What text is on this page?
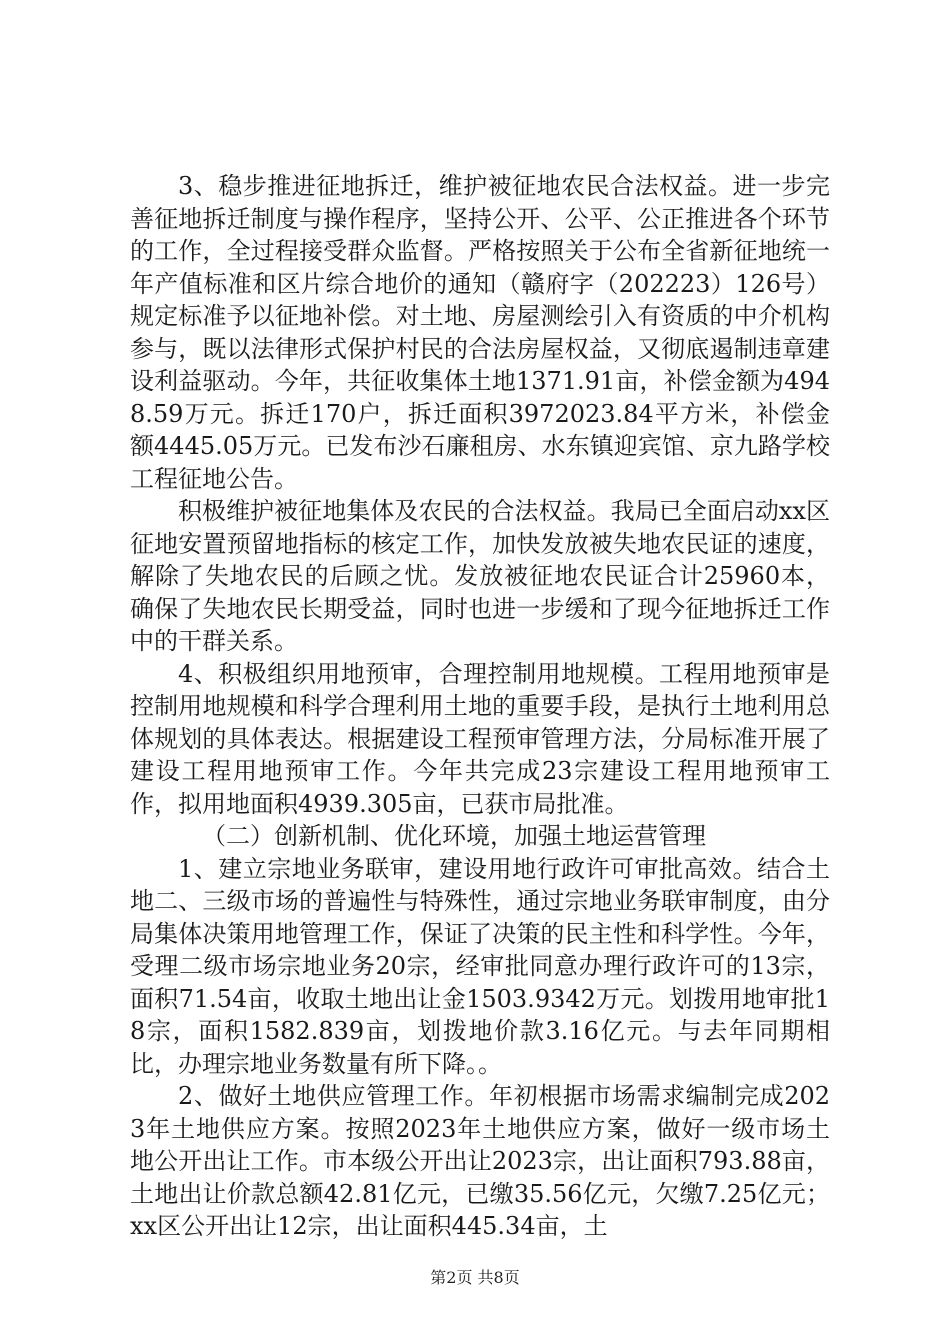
3、稳步推进征地拆迁，维护被征地农民合法权益。进一步完善征地拆迁制度与操作程序，坚持公开、公平、公正推进各个环节的工作，全过程接受群众监督。严格按照关于公布全省新征地统一年产值标准和区片综合地价的通知（赣府字（202223）126号）规定标准予以征地补偿。对土地、房屋测绘引入有资质的中介机构参与，既以法律形式保护村民的合法房屋权益，又彻底遏制违章建设利益驱动。今年，共征收集体土地1371.91亩，补偿金额为4948.59万元。拆迁170户，拆迁面积3972023.84平方米，补偿金额4445.05万元。已发布沙石廉租房、水东镇迎宾馆、京九路学校工程征地公告。

积极维护被征地集体及农民的合法权益。我局已全面启动xx区征地安置预留地指标的核定工作，加快发放被失地农民证的速度，解除了失地农民的后顾之忧。发放被征地农民证合计25960本，确保了失地农民长期受益，同时也进一步缓和了现今征地拆迁工作中的干群关系。

4、积极组织用地预审，合理控制用地规模。工程用地预审是控制用地规模和科学合理利用土地的重要手段，是执行土地利用总体规划的具体表达。根据建设工程预审管理方法，分局标准开展了建设工程用地预审工作。今年共完成23宗建设工程用地预审工作，拟用地面积4939.305亩，已获市局批准。

（二）创新机制、优化环境，加强土地运营管理

1、建立宗地业务联审，建设用地行政许可审批高效。结合土地二、三级市场的普遍性与特殊性，通过宗地业务联审制度，由分局集体决策用地管理工作，保证了决策的民主性和科学性。今年，受理二级市场宗地业务20宗，经审批同意办理行政许可的13宗，面积71.54亩，收取土地出让金1503.9342万元。划拨用地审批18宗，面积1582.839亩，划拨地价款3.16亿元。与去年同期相比，办理宗地业务数量有所下降。。

2、做好土地供应管理工作。年初根据市场需求编制完成2023年土地供应方案。按照2023年土地供应方案，做好一级市场土地公开出让工作。市本级公开出让2023宗，出让面积793.88亩，土地出让价款总额42.81亿元，已缴35.56亿元，欠缴7.25亿元；xx区公开出让12宗，出让面积445.34亩，土

第2页 共8页
